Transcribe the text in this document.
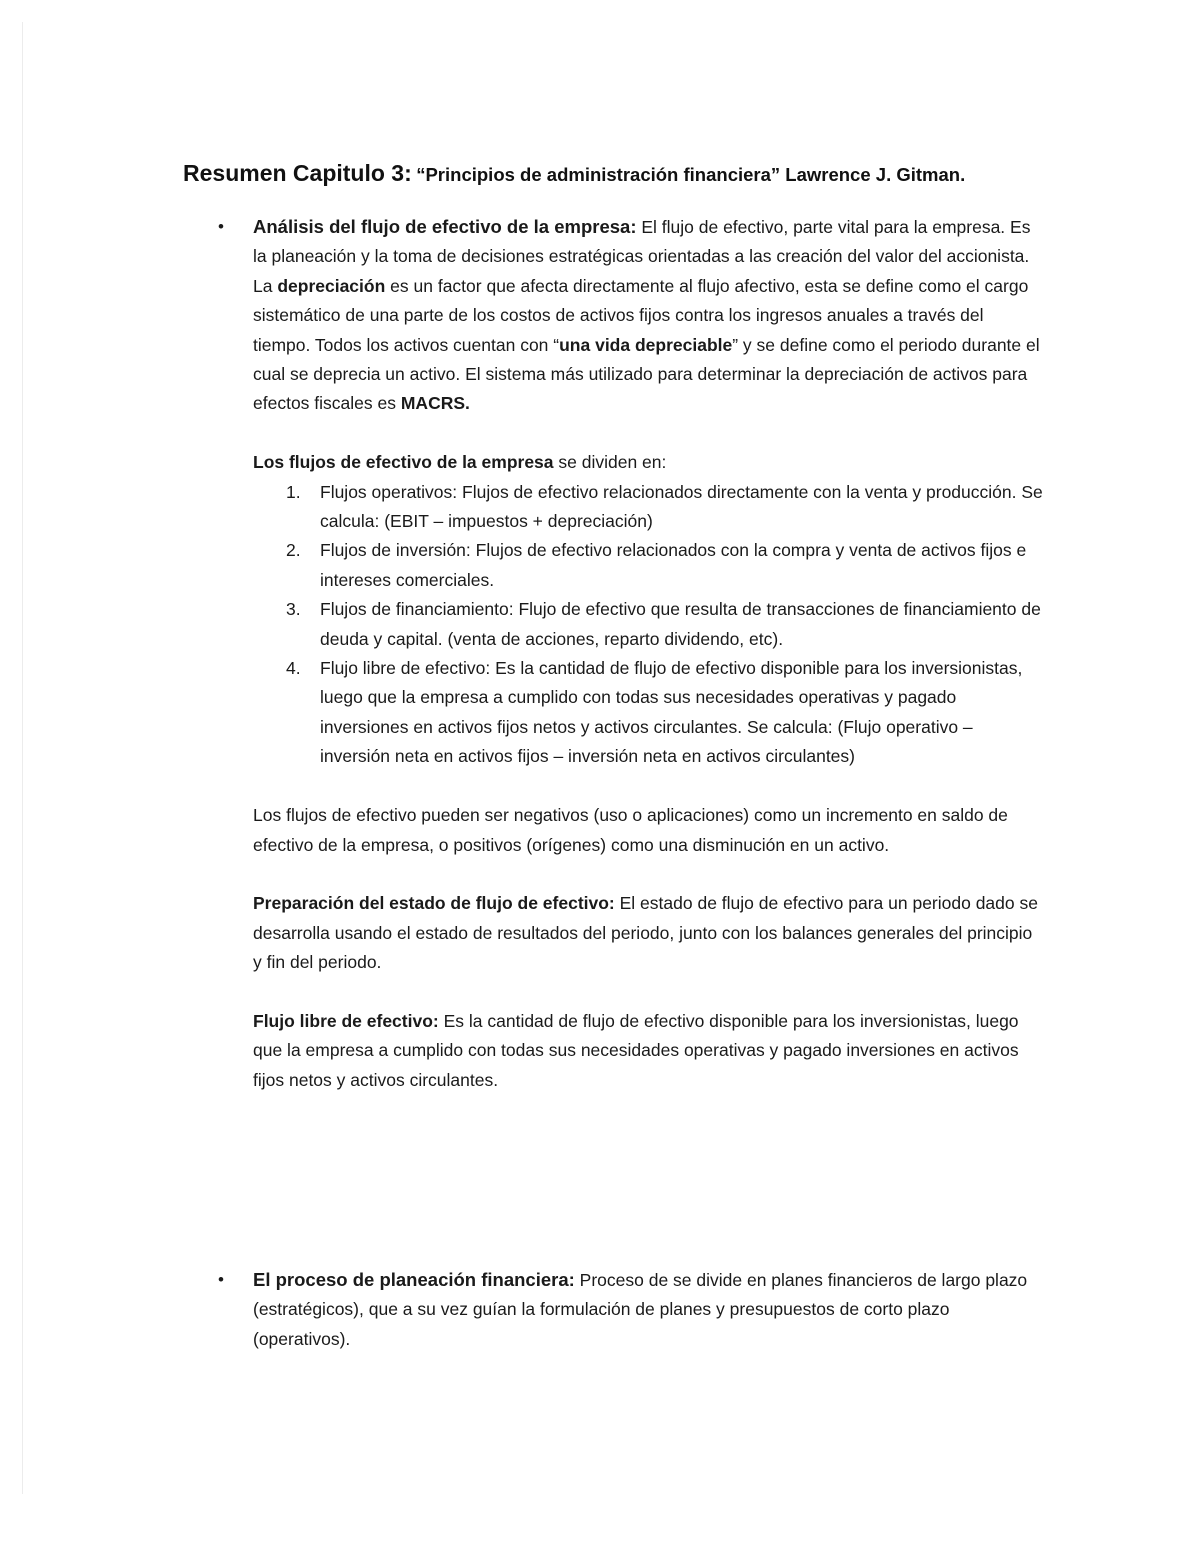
Resumen Capitulo 3: “Principios de administración financiera” Lawrence J. Gitman.
• Análisis del flujo de efectivo de la empresa: El flujo de efectivo, parte vital para la empresa. Es la planeación y la toma de decisiones estratégicas orientadas a las creación del valor del accionista.

La depreciación es un factor que afecta directamente al flujo afectivo, esta se define como el cargo sistemático de una parte de los costos de activos fijos contra los ingresos anuales a través del tiempo. Todos los activos cuentan con “una vida depreciable” y se define como el periodo durante el cual se deprecia un activo. El sistema más utilizado para determinar la depreciación de activos para efectos fiscales es MACRS.

Los flujos de efectivo de la empresa se dividen en:

1. Flujos operativos: Flujos de efectivo relacionados directamente con la venta y producción. Se calcula: (EBIT – impuestos + depreciación)
2. Flujos de inversión: Flujos de efectivo relacionados con la compra y venta de activos fijos e intereses comerciales.
3. Flujos de financiamiento: Flujo de efectivo que resulta de transacciones de financiamiento de deuda y capital. (venta de acciones, reparto dividendo, etc).
4. Flujo libre de efectivo: Es la cantidad de flujo de efectivo disponible para los inversionistas, luego que la empresa a cumplido con todas sus necesidades operativas y pagado inversiones en activos fijos netos y activos circulantes. Se calcula: (Flujo operativo – inversión neta en activos fijos – inversión neta en activos circulantes)

Los flujos de efectivo pueden ser negativos (uso o aplicaciones) como un incremento en saldo de efectivo de la empresa, o positivos (orígenes) como una disminución en un activo.

Preparación del estado de flujo de efectivo: El estado de flujo de efectivo para un periodo dado se desarrolla usando el estado de resultados del periodo, junto con los balances generales del principio y fin del periodo.

Flujo libre de efectivo: Es la cantidad de flujo de efectivo disponible para los inversionistas, luego que la empresa a cumplido con todas sus necesidades operativas y pagado inversiones en activos fijos netos y activos circulantes.

• El proceso de planeación financiera: Proceso de se divide en planes financieros de largo plazo (estratégicos), que a su vez guían la formulación de planes y presupuestos de corto plazo (operativos).
